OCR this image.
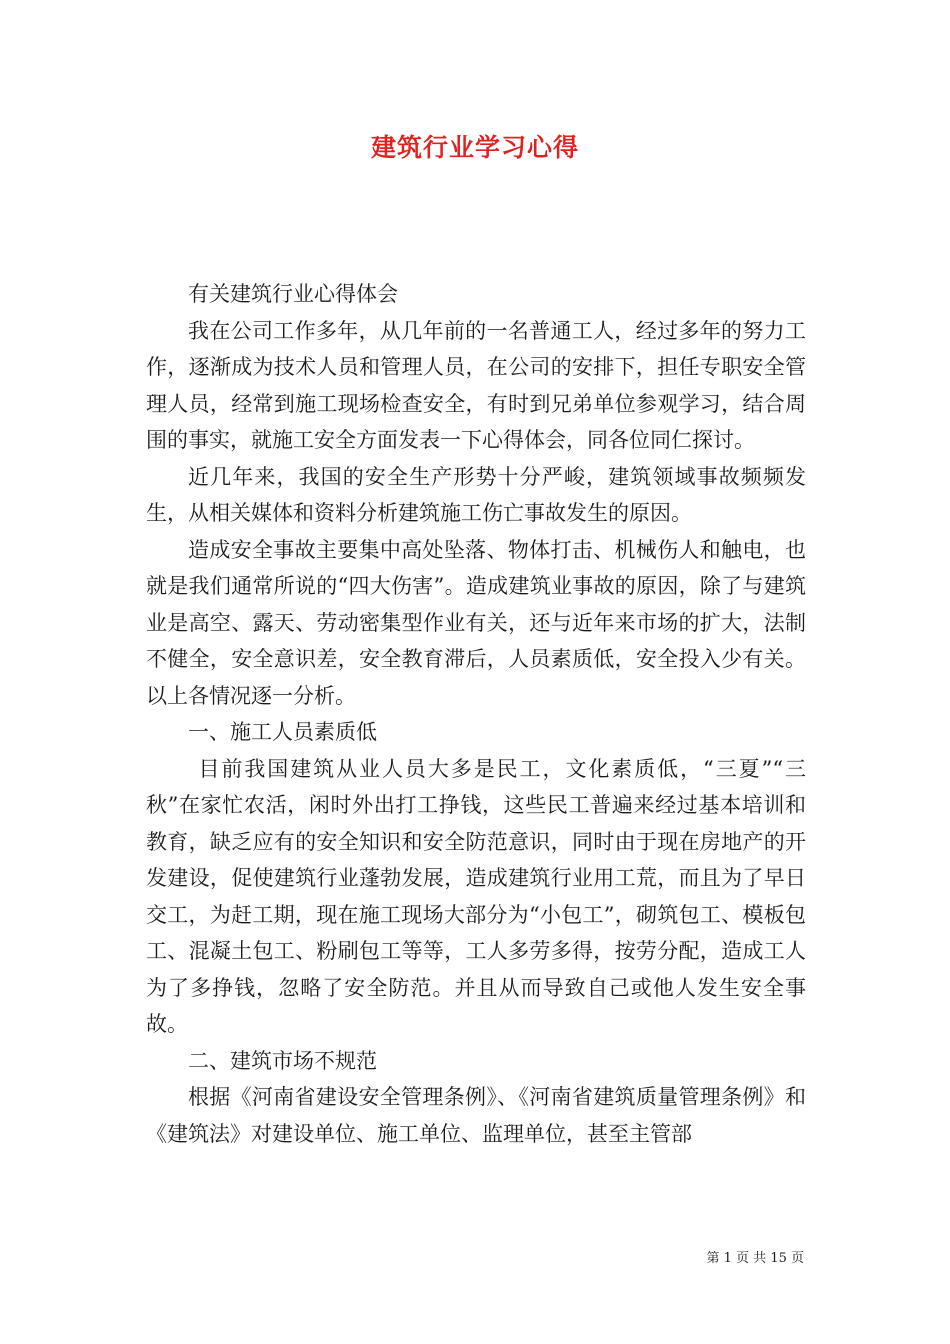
建筑行业学习心得

有关建筑行业心得体会

我在公司工作多年，从几年前的一名普通工人，经过多年的努力工作，逐渐成为技术人员和管理人员，在公司的安排下，担任专职安全管理人员，经常到施工现场检查安全，有时到兄弟单位参观学习，结合周围的事实，就施工安全方面发表一下心得体会，同各位同仁探讨。

近几年来，我国的安全生产形势十分严峻，建筑领域事故频频发生，从相关媒体和资料分析建筑施工伤亡事故发生的原因。

造成安全事故主要集中高处坠落、物体打击、机械伤人和触电，也就是我们通常所说的“四大伤害”。造成建筑业事故的原因，除了与建筑业是高空、露天、劳动密集型作业有关，还与近年来市场的扩大，法制不健全，安全意识差，安全教育滞后，人员素质低，安全投入少有关。以上各情况逐一分析。

一、施工人员素质低

目前我国建筑从业人员大多是民工，文化素质低，“三夏”“三秋”在家忙农活，闲时外出打工挣钱，这些民工普遍来经过基本培训和教育，缺乏应有的安全知识和安全防范意识，同时由于现在房地产的开发建设，促使建筑行业蓬勃发展，造成建筑行业用工荒，而且为了早日交工，为赶工期，现在施工现场大部分为“小包工”，砌筑包工、模板包工、混凝土包工、粉刷包工等等，工人多劳多得，按劳分配，造成工人为了多挣钱，忽略了安全防范。并且从而导致自己或他人发生安全事故。

二、建筑市场不规范

根据《河南省建设安全管理条例》、《河南省建筑质量管理条例》和《建筑法》对建设单位、施工单位、监理单位，甚至主管部

第 1 页 共 15 页
